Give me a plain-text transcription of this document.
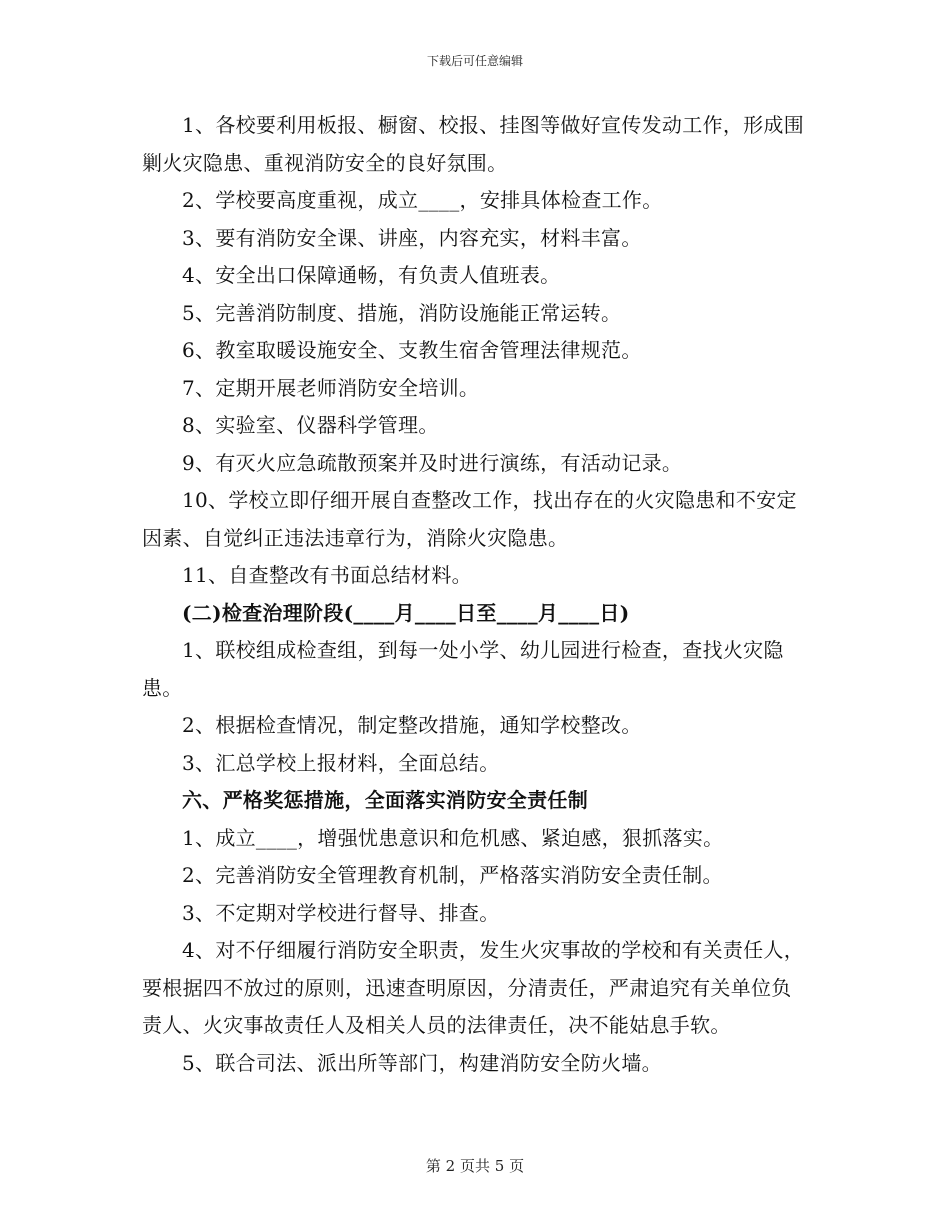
下载后可任意编辑

1、各校要利用板报、橱窗、校报、挂图等做好宣传发动工作，形成围剿火灾隐患、重视消防安全的良好氛围。

2、学校要高度重视，成立____，安排具体检查工作。

3、要有消防安全课、讲座，内容充实，材料丰富。

4、安全出口保障通畅，有负责人值班表。

5、完善消防制度、措施，消防设施能正常运转。

6、教室取暖设施安全、支教生宿舍管理法律规范。

7、定期开展老师消防安全培训。

8、实验室、仪器科学管理。

9、有灭火应急疏散预案并及时进行演练，有活动记录。

10、学校立即仔细开展自查整改工作，找出存在的火灾隐患和不安定因素、自觉纠正违法违章行为，消除火灾隐患。

11、自查整改有书面总结材料。

(二)检查治理阶段(____月____日至____月____日)

1、联校组成检查组，到每一处小学、幼儿园进行检查，查找火灾隐患。

2、根据检查情况，制定整改措施，通知学校整改。

3、汇总学校上报材料，全面总结。

六、严格奖惩措施，全面落实消防安全责任制

1、成立____，增强忧患意识和危机感、紧迫感，狠抓落实。

2、完善消防安全管理教育机制，严格落实消防安全责任制。

3、不定期对学校进行督导、排查。

4、对不仔细履行消防安全职责，发生火灾事故的学校和有关责任人，要根据四不放过的原则，迅速查明原因，分清责任，严肃追究有关单位负责人、火灾事故责任人及相关人员的法律责任，决不能姑息手软。

5、联合司法、派出所等部门，构建消防安全防火墙。

第 2 页共 5 页
